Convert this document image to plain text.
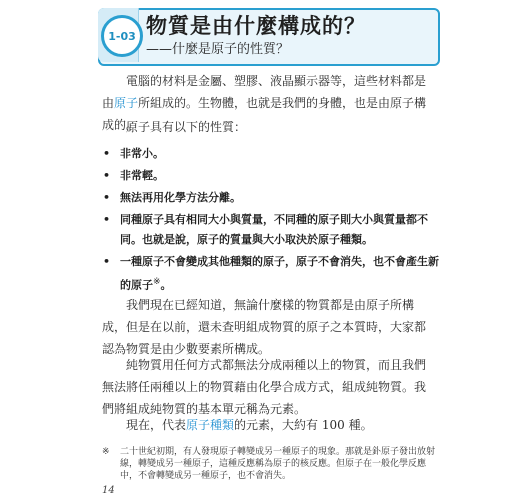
1-03 物質是由什麼構成的？
——什麼是原子的性質？
電腦的材料是金屬、塑膠、液晶顯示器等，這些材料都是由原子所組成的。生物體，也就是我們的身體，也是由原子構成的。
原子具有以下的性質：
• 非常小。
• 非常輕。
• 無法再用化學方法分離。
• 同種原子具有相同大小與質量，不同種的原子則大小與質量都不同。也就是說，原子的質量與大小取決於原子種類。
• 一種原子不會變成其他種類的原子，原子不會消失，也不會產生新的原子※。
我們現在已經知道，無論什麼樣的物質都是由原子所構成，但是在以前，還未查明組成物質的原子之本質時，大家都認為物質是由少數要素所構成。
純物質用任何方式都無法分成兩種以上的物質，而且我們無法將任兩種以上的物質藉由化學合成方式，組成純物質。我們將組成純物質的基本單元稱為元素。
現在，代表原子種類的元素，大約有 100 種。
※	二十世紀初期，有人發現原子轉變成另一種原子的現象。那就是釙原子發出放射線，轉變成另一種原子，這種反應稱為原子的核反應。但原子在一般化學反應中，不會轉變成另一種原子，也不會消失。
14
